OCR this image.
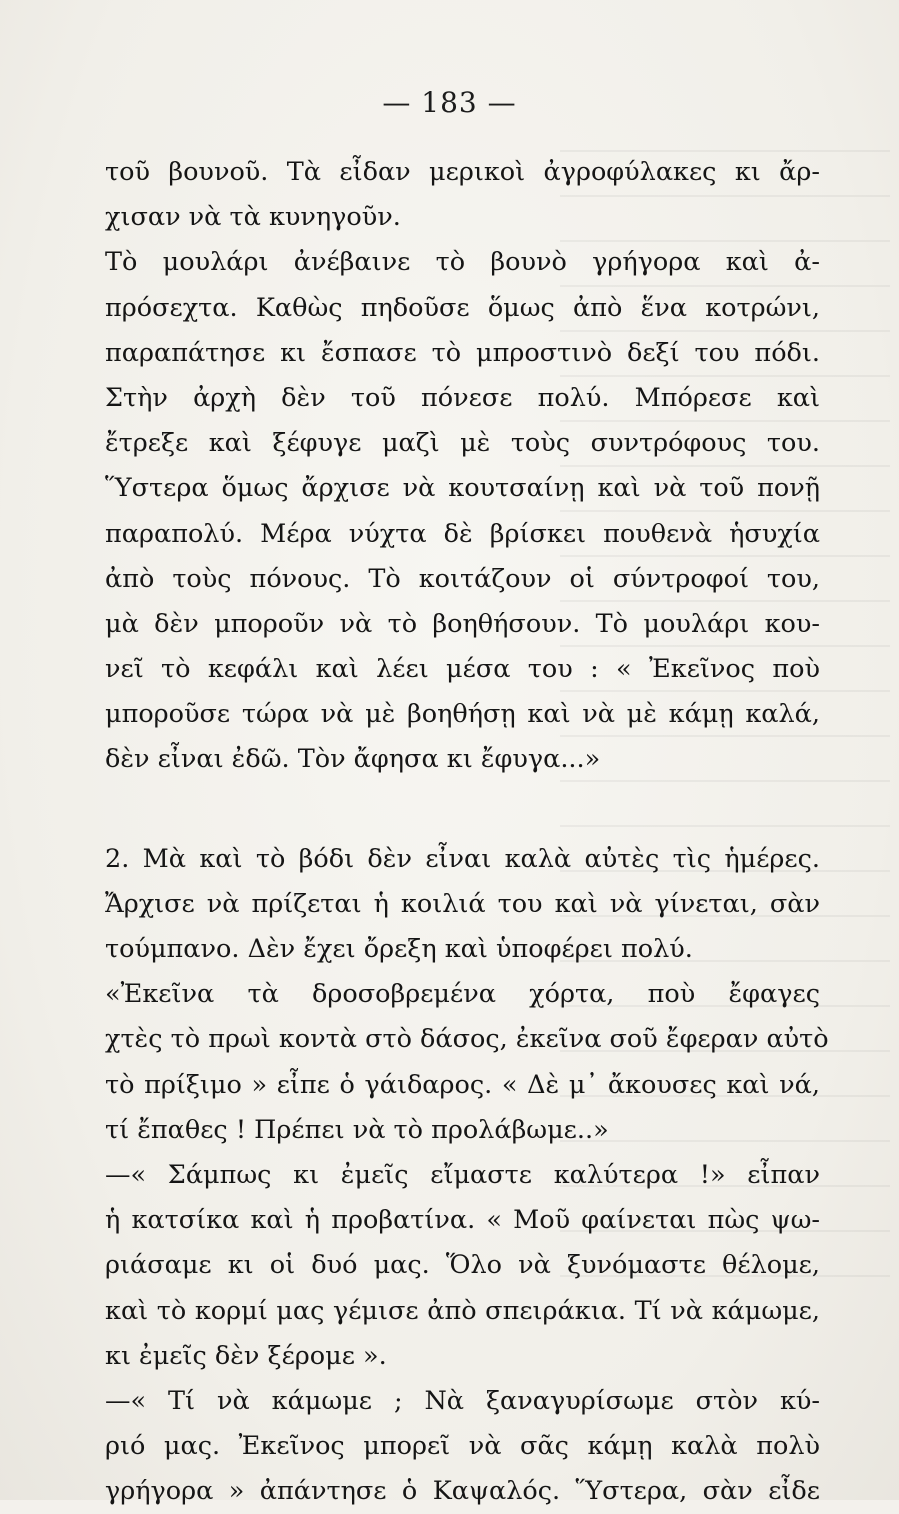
— 183 —
τοῦ βουνοῦ. Τὰ εἶδαν μερικοὶ ἀγροφύλακες κι ἄρ-
χισαν νὰ τὰ κυνηγοῦν.
Τὸ μουλάρι ἀνέβαινε τὸ βουνὸ γρήγορα καὶ ἀ-
πρόσεχτα. Καθὼς πηδοῦσε ὅμως ἀπὸ ἕνα κοτρώνι,
παραπάτησε κι ἔσπασε τὸ μπροστινὸ δεξί του πόδι.
Στὴν ἀρχὴ δὲν τοῦ πόνεσε πολύ. Μπόρεσε καὶ
ἔτρεξε καὶ ξέφυγε μαζὶ μὲ τοὺς συντρόφους του.
Ὕστερα ὅμως ἄρχισε νὰ κουτσαίνῃ καὶ νὰ τοῦ πονῇ
παραπολύ. Μέρα νύχτα δὲ βρίσκει πουθενὰ ἡσυχία
ἀπὸ τοὺς πόνους. Τὸ κοιτάζουν οἱ σύντροφοί του,
μὰ δὲν μποροῦν νὰ τὸ βοηθήσουν. Τὸ μουλάρι κου-
νεῖ τὸ κεφάλι καὶ λέει μέσα του : « Ἐκεῖνος ποὺ
μποροῦσε τώρα νὰ μὲ βοηθήσῃ καὶ νὰ μὲ κάμῃ καλά,
δὲν εἶναι ἐδῶ. Τὸν ἄφησα κι ἔφυγα...»
2. Μὰ καὶ τὸ βόδι δὲν εἶναι καλὰ αὐτὲς τὶς ἡμέρες.
Ἄρχισε νὰ πρίζεται ἡ κοιλιά του καὶ νὰ γίνεται, σὰν
τούμπανο. Δὲν ἔχει ὄρεξη καὶ ὑποφέρει πολύ.
«Ἐκεῖνα τὰ δροσοβρεμένα χόρτα, ποὺ ἔφαγες
χτὲς τὸ πρωὶ κοντὰ στὸ δάσος, ἐκεῖνα σοῦ ἔφεραν αὐτὸ
τὸ πρίξιμο » εἶπε ὁ γάιδαρος. « Δὲ μ᾽ ἄκουσες καὶ νά,
τί ἔπαθες ! Πρέπει νὰ τὸ προλάβωμε..»
—« Σάμπως κι ἐμεῖς εἴμαστε καλύτερα !» εἶπαν
ἡ κατσίκα καὶ ἡ προβατίνα. « Μοῦ φαίνεται πὼς ψω-
ριάσαμε κι οἱ δυό μας. Ὅλο νὰ ξυνόμαστε θέλομε,
καὶ τὸ κορμί μας γέμισε ἀπὸ σπειράκια. Τί νὰ κάμωμε,
κι ἐμεῖς δὲν ξέρομε ».
—« Τί νὰ κάμωμε ; Νὰ ξαναγυρίσωμε στὸν κύ-
ριό μας. Ἐκεῖνος μπορεῖ νὰ σᾶς κάμῃ καλὰ πολὺ
γρήγορα » ἀπάντησε ὁ Καψαλός. Ὕστερα, σὰν εἶδε
